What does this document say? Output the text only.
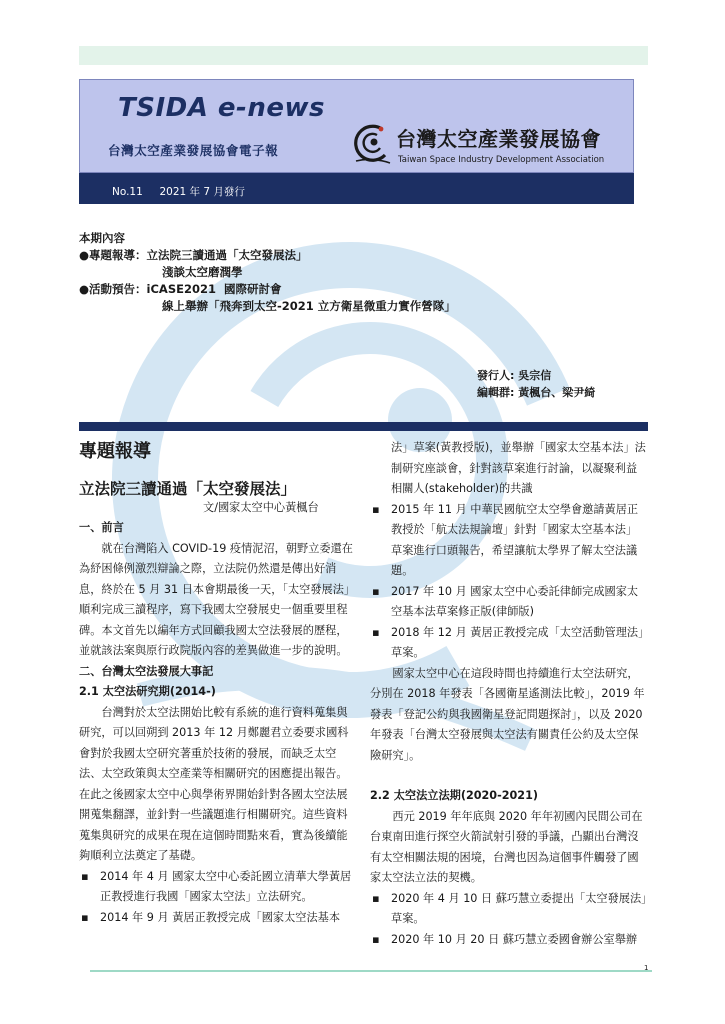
TSIDA e-news
台灣太空產業發展協會電子報	台灣太空產業發展協會
Taiwan Space Industry Development Association
No.11     2021 年 7 月發行
本期內容
●專題報導：立法院三讀通過「太空發展法」
淺談太空磨潤學
●活動預告：iCASE2021  國際研討會
線上舉辦「飛奔到太空-2021 立方衛星微重力實作營隊」
發行人: 吳宗信
編輯群: 黃楓台、梁尹綺
專題報導
立法院三讀通過「太空發展法」
文/國家太空中心黃楓台

一、前言

就在台灣陷入 COVID-19 疫情泥沼，朝野立委還在為紓困條例激烈辯論之際，立法院仍然還是傳出好消息，終於在 5 月 31 日本會期最後一天，「太空發展法」順利完成三讀程序，寫下我國太空發展史一個重要里程碑。本文首先以編年方式回顧我國太空法發展的歷程，並就該法案與原行政院版內容的差異做進一步的說明。

二、台灣太空法發展大事記

2.1 太空法研究期(2014-)

台灣對於太空法開始比較有系統的進行資料蒐集與研究，可以回朔到 2013 年 12 月鄭麗君立委要求國科會對於我國太空研究著重於技術的發展，而缺乏太空法、太空政策與太空產業等相關研究的困應提出報告。在此之後國家太空中心與學術界開始針對各國太空法展開蒐集翻譯，並針對一些議題進行相關研究。這些資料蒐集與研究的成果在現在這個時間點來看，實為後續能夠順利立法奠定了基礎。

▪ 2014 年 4 月 國家太空中心委託國立清華大學黃居正教授進行我國「國家太空法」立法研究。
▪ 2014 年 9 月 黃居正教授完成「國家太空法基本

法」草案(黃教授版)，並舉辦「國家太空基本法」法制研究座談會，針對該草案進行討論，以凝聚利益相關人(stakeholder)的共識

▪ 2015 年 11 月 中華民國航空太空學會邀請黃居正教授於「航太法規論壇」針對「國家太空基本法」草案進行口頭報告，希望讓航太學界了解太空法議題。
▪ 2017 年 10 月 國家太空中心委託律師完成國家太空基本法草案修正版(律師版)
▪ 2018 年 12 月 黃居正教授完成「太空活動管理法」草案。

國家太空中心在這段時間也持續進行太空法研究，分別在 2018 年發表「各國衛星遙測法比較」，2019 年發表「登記公約與我國衛星登記問題探討」，以及 2020 年發表「台灣太空發展與太空法有關責任公約及太空保險研究」。

2.2 太空法立法期(2020-2021)

西元 2019 年年底與 2020 年年初國內民間公司在台東南田進行探空火箭試射引發的爭議，凸顯出台灣沒有太空相關法規的困境，台灣也因為這個事件觸發了國家太空法立法的契機。

▪ 2020 年 4 月 10 日 蘇巧慧立委提出「太空發展法」草案。
▪ 2020 年 10 月 20 日 蘇巧慧立委國會辦公室舉辦
1
